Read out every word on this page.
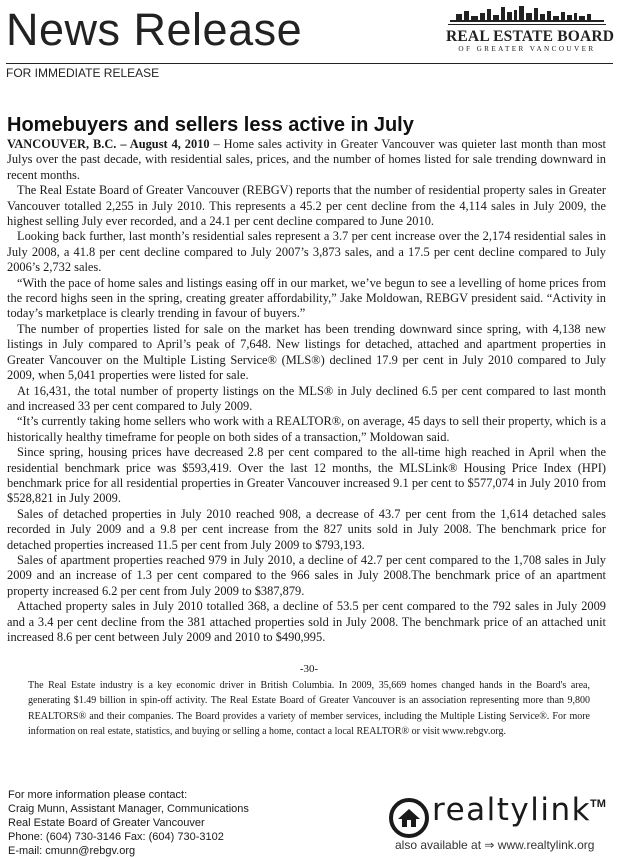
News Release	REAL ESTATE BOARD
OF GREATER VANCOUVER
FOR IMMEDIATE RELEASE
Homebuyers and sellers less active in July

VANCOUVER, B.C. – August 4, 2010 – Home sales activity in Greater Vancouver was quieter last month than most Julys over the past decade, with residential sales, prices, and the number of homes listed for sale trending downward in recent months.

The Real Estate Board of Greater Vancouver (REBGV) reports that the number of residential property sales in Greater Vancouver totalled 2,255 in July 2010. This represents a 45.2 per cent decline from the 4,114 sales in July 2009, the highest selling July ever recorded, and a 24.1 per cent decline compared to June 2010.

Looking back further, last month’s residential sales represent a 3.7 per cent increase over the 2,174 residential sales in July 2008, a 41.8 per cent decline compared to July 2007’s 3,873 sales, and a 17.5 per cent decline compared to July 2006’s 2,732 sales.

“With the pace of home sales and listings easing off in our market, we’ve begun to see a levelling of home prices from the record highs seen in the spring, creating greater affordability,” Jake Moldowan, REBGV president said. “Activity in today’s marketplace is clearly trending in favour of buyers.”

The number of properties listed for sale on the market has been trending downward since spring, with 4,138 new listings in July compared to April’s peak of 7,648. New listings for detached, attached and apartment properties in Greater Vancouver on the Multiple Listing Service® (MLS®) declined 17.9 per cent in July 2010 compared to July 2009, when 5,041 properties were listed for sale.

At 16,431, the total number of property listings on the MLS® in July declined 6.5 per cent compared to last month and increased 33 per cent compared to July 2009.

“It’s currently taking home sellers who work with a REALTOR®, on average, 45 days to sell their property, which is a historically healthy timeframe for people on both sides of a transaction,” Moldowan said.

Since spring, housing prices have decreased 2.8 per cent compared to the all-time high reached in April when the residential benchmark price was $593,419. Over the last 12 months, the MLSLink® Housing Price Index (HPI) benchmark price for all residential properties in Greater Vancouver increased 9.1 per cent to $577,074 in July 2010 from $528,821 in July 2009.

Sales of detached properties in July 2010 reached 908, a decrease of 43.7 per cent from the 1,614 detached sales recorded in July 2009 and a 9.8 per cent increase from the 827 units sold in July 2008. The benchmark price for detached properties increased 11.5 per cent from July 2009 to $793,193.

Sales of apartment properties reached 979 in July 2010, a decline of 42.7 per cent compared to the 1,708 sales in July 2009 and an increase of 1.3 per cent compared to the 966 sales in July 2008.The benchmark price of an apartment property increased 6.2 per cent from July 2009 to $387,879.

Attached property sales in July 2010 totalled 368, a decline of 53.5 per cent compared to the 792 sales in July 2009 and a 3.4 per cent decline from the 381 attached properties sold in July 2008. The benchmark price of an attached unit increased 8.6 per cent between July 2009 and 2010 to $490,995.

-30-
The Real Estate industry is a key economic driver in British Columbia. In 2009, 35,669 homes changed hands in the Board's area, generating $1.49 billion in spin-off activity. The Real Estate Board of Greater Vancouver is an association representing more than 9,800 REALTORS® and their companies. The Board provides a variety of member services, including the Multiple Listing Service®. For more information on real estate, statistics, and buying or selling a home, contact a local REALTOR® or visit www.rebgv.org.
For more information please contact:
Craig Munn, Assistant Manager, Communications
Real Estate Board of Greater Vancouver
Phone: (604) 730-3146 Fax: (604) 730-3102
E-mail: cmunn@rebgv.org
realtylink
TM
also available at ⇒ www.realtylink.org
